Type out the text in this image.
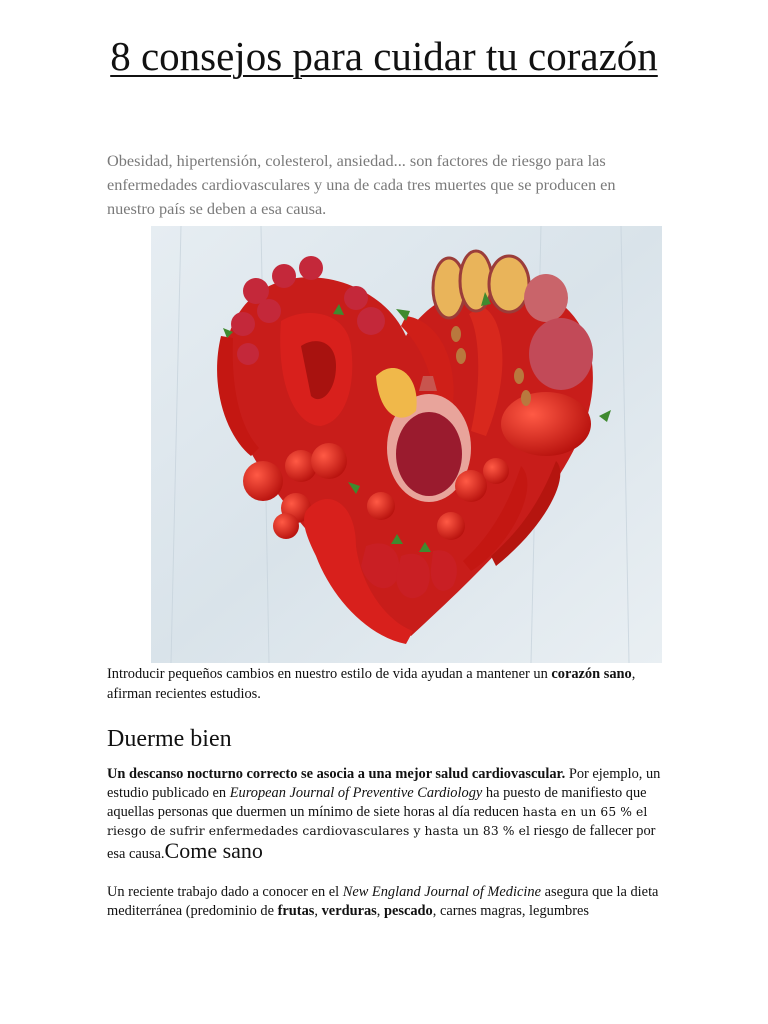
8 consejos para cuidar tu corazón

Obesidad, hipertensión, colesterol, ansiedad... son factores de riesgo para las enfermedades cardiovasculares y una de cada tres muertes que se producen en nuestro país se deben a esa causa.

Introducir pequeños cambios en nuestro estilo de vida ayudan a mantener un corazón sano, afirman recientes estudios.

Duerme bien

Un descanso nocturno correcto se asocia a una mejor salud cardiovascular. Por ejemplo, un estudio publicado en European Journal of Preventive Cardiology ha puesto de manifiesto que aquellas personas que duermen un mínimo de siete horas al día reducen hasta en un 65 % el riesgo de sufrir enfermedades cardiovasculares y hasta un 83 % el riesgo de fallecer por esa causa.Come sano

Un reciente trabajo dado a conocer en el New England Journal of Medicine asegura que la dieta mediterránea (predominio de frutas, verduras, pescado, carnes magras, legumbres
